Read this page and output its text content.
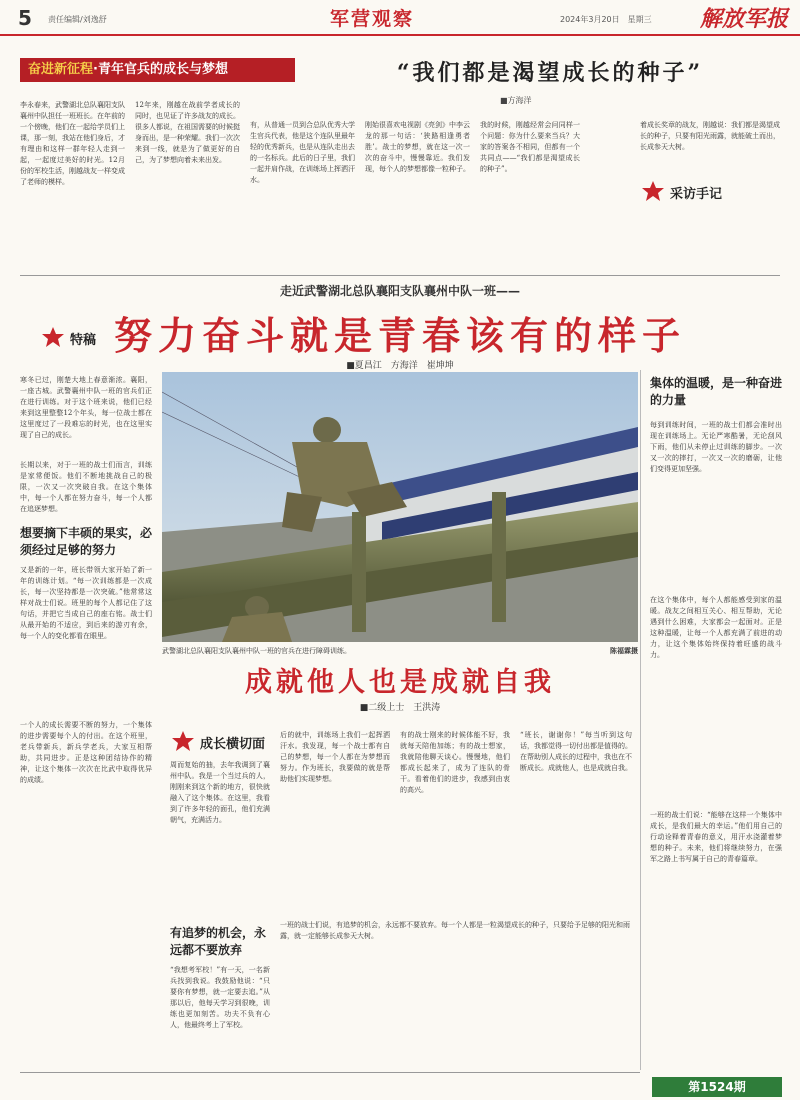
5 责任编辑/刘逸舒	军营观察	2024年3月20日　星期三 解放军报
奋进新征程·青年官兵的成长与梦想	“我们都是渴望成长的种子”
■方海洋
李永春来，武警湖北总队襄阳支队襄州中队担任一班班长。在年前的一个傍晚，他们在一起给学员们上课，那一刻，我站在他们身后，才有理由和这样一群年轻人走到一起，一起度过美好的时光。12月份的军校生活，刚越战友一样变成了老师的模样。
12年来，刚越在战前学者成长的同时，也见证了许多战友的成长。很多人都说，在祖国需要的时候挺身而出，是一种荣耀。我们一次次来到一线，就是为了做更好的自己，为了梦想向着未来出发。
有，从普通一员到合总队优秀大学生官兵代表，他是这个连队里最年轻的优秀新兵，也是从连队走出去的一名标兵。此后的日子里，我们一起并肩作战，在训练场上挥洒汗水。
刚始很喜欢电视剧《亮剑》中李云龙的那一句话：‘狭路相逢勇者胜’。战士的梦想，就在这一次一次的奋斗中，慢慢靠近。我们发现，每个人的梦想都像一粒种子。
我的时候，刚越经常会问同样一个问题：你为什么要来当兵？大家的答案各不相同，但都有一个共同点——“我们都是渴望成长的种子”。
着成长奖章的战友，刚越说：我们都是渴望成长的种子，只要有阳光雨露，就能破土而出，长成参天大树。
采访手记
走近武警湖北总队襄阳支队襄州中队一班——
努力奋斗就是青春该有的样子
■夏昌江　方海洋　崔坤坤
特稿
寒冬已过，刚楚大地上春意渐浓。襄阳，一座古城。武警襄州中队一班的官兵们正在进行训练。对于这个班来说，他们已经来到这里整整12个年头，每一位战士都在这里度过了一段难忘的时光，也在这里实现了自己的成长。
长期以来，对于一班的战士们而言，训练是家常便饭。他们不断地挑战自己的极限，一次又一次突破自我。在这个集体中，每一个人都在努力奋斗，每一个人都在追逐梦想。
想要摘下丰硕的果实，必须经过足够的努力
又是新的一年，班长带领大家开始了新一年的训练计划。“每一次训练都是一次成长，每一次坚持都是一次突破。”他常常这样对战士们说。班里的每个人都记住了这句话，并把它当成自己的座右铭。战士们从最开始的不适应，到后来的游刃有余，每一个人的变化都看在眼里。
一个人的成长需要不断的努力，一个集体的进步需要每个人的付出。在这个班里，老兵带新兵，新兵学老兵，大家互相帮助，共同进步。正是这种团结协作的精神，让这个集体一次次在比武中取得优异的成绩。
武警湖北总队襄阳支队襄州中队一班的官兵在进行障碍训练。	陈福霖摄
集体的温暖，是一种奋进的力量
每到训练时间，一班的战士们都会准时出现在训练场上。无论严寒酷暑，无论刮风下雨，他们从未停止过训练的脚步。一次又一次的摔打，一次又一次的磨砺，让他们变得更加坚强。
在这个集体中，每个人都能感受到家的温暖。战友之间相互关心、相互帮助，无论遇到什么困难，大家都会一起面对。正是这种温暖，让每一个人都充满了前进的动力，让这个集体始终保持着旺盛的战斗力。
一班的战士们说：“能够在这样一个集体中成长，是我们最大的幸运。”他们用自己的行动诠释着青春的意义，用汗水浇灌着梦想的种子。未来，他们将继续努力，在强军之路上书写属于自己的青春篇章。
成就他人也是成就自我
■二级上士　王洪涛
成长横切面
周而复始的抽，去年我调到了襄州中队。我是一个当过兵的人，刚刚来到这个新的地方，很快就融入了这个集体。在这里，我看到了许多年轻的面孔，他们充满朝气，充满活力。
后的就中，训练场上我们一起挥洒汗水。我发现，每一个战士都有自己的梦想，每一个人都在为梦想而努力。作为班长，我要做的就是帮助他们实现梦想。
有的战士刚来的时候体能不好，我就每天陪他加练；有的战士想家，我就陪他聊天谈心。慢慢地，他们都成长起来了，成为了连队的骨干。看着他们的进步，我感到由衷的高兴。
“班长，谢谢你！”每当听到这句话，我都觉得一切付出都是值得的。在帮助别人成长的过程中，我也在不断成长。成就他人，也是成就自我。
有追梦的机会，永远都不要放弃
“我想考军校！”有一天，一名新兵找到我说。我鼓励他说：“只要你有梦想，就一定要去追。”从那以后，他每天学习到很晚，训练也更加刻苦。功夫不负有心人，他最终考上了军校。
一班的战士们说，有追梦的机会，永远都不要放弃。每一个人都是一粒渴望成长的种子，只要给予足够的阳光和雨露，就一定能够长成参天大树。
第1524期
